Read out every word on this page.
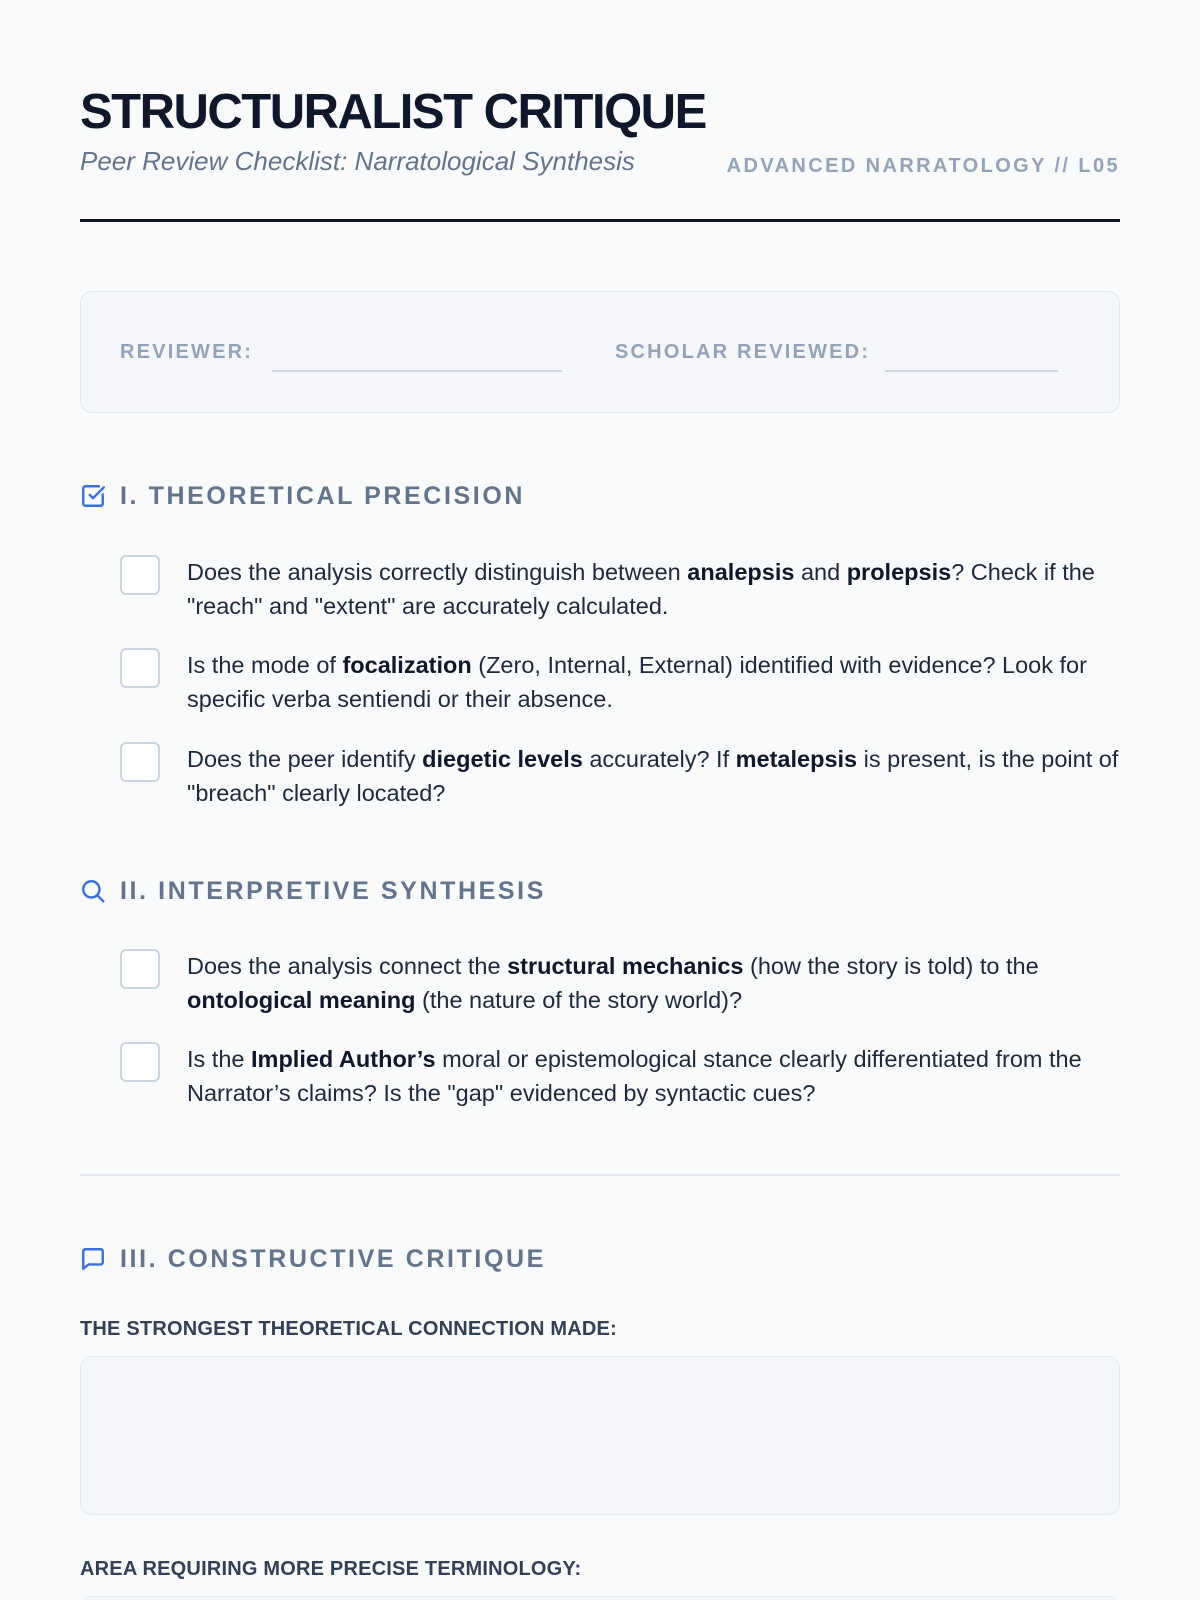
STRUCTURALIST CRITIQUE
Peer Review Checklist: Narratological Synthesis	ADVANCED NARRATOLOGY // L05
REVIEWER:	SCHOLAR REVIEWED:
I. THEORETICAL PRECISION
Does the analysis correctly distinguish between analepsis and prolepsis? Check if the "reach" and "extent" are accurately calculated.
Is the mode of focalization (Zero, Internal, External) identified with evidence? Look for specific verba sentiendi or their absence.
Does the peer identify diegetic levels accurately? If metalepsis is present, is the point of "breach" clearly located?
II. INTERPRETIVE SYNTHESIS
Does the analysis connect the structural mechanics (how the story is told) to the ontological meaning (the nature of the story world)?
Is the Implied Author’s moral or epistemological stance clearly differentiated from the Narrator’s claims? Is the "gap" evidenced by syntactic cues?
III. CONSTRUCTIVE CRITIQUE
THE STRONGEST THEORETICAL CONNECTION MADE:
AREA REQUIRING MORE PRECISE TERMINOLOGY:
